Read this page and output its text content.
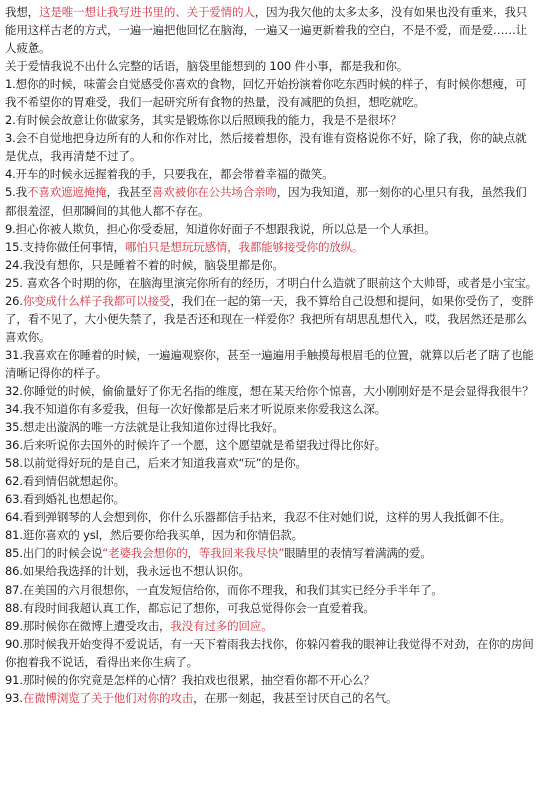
我想，这是唯一想让我写进书里的、关于爱情的人，因为我欠他的太多太多，没有如果也没有重来，我只
能用这样古老的方式，一遍一遍把他回忆在脑海，一遍又一遍更新着我的空白，不是不爱，而是爱……让
人疲惫。
关于爱情我说不出什么完整的话语，脑袋里能想到的 100 件小事，都是我和你。
1.想你的时候，味蕾会自觉感受你喜欢的食物，回忆开始扮演着你吃东西时候的样子，有时候你想瘦，可
我不希望你的胃难受，我们一起研究所有食物的热量，没有减肥的负担，想吃就吃。
2.有时候会故意让你做家务，其实是锻炼你以后照顾我的能力，我是不是很坏？
3.会不自觉地把身边所有的人和你作对比，然后接着想你，没有谁有资格说你不好，除了我，你的缺点就
是优点，我再清楚不过了。
4.开车的时候永远握着我的手，只要我在，都会带着幸福的微笑。
5.我不喜欢遮遮掩掩，我甚至喜欢被你在公共场合亲吻，因为我知道，那一刻你的心里只有我，虽然我们
都很羞涩，但那瞬间的其他人都不存在。
9.担心你被人欺负，担心你受委屈，知道你好面子不想跟我说，所以总是一个人承担。
15.支持你做任何事情，哪怕只是想玩玩感情，我都能够接受你的放纵。
24.我没有想你，只是睡着不着的时候，脑袋里都是你。
25. 喜欢各个时期的你，在脑海里演完你所有的经历，才明白什么造就了眼前这个大帅哥，或者是小宝宝。
26.你变成什么样子我都可以接受，我们在一起的第一天，我不算给自己设想和提问，如果你受伤了，变胖
了，看不见了，大小便失禁了，我是否还和现在一样爱你？我把所有胡思乱想代入，哎，我居然还是那么
喜欢你。
31.我喜欢在你睡着的时候，一遍遍观察你，甚至一遍遍用手触摸每根眉毛的位置，就算以后老了瞎了也能
清晰记得你的样子。
32.你睡觉的时候，偷偷量好了你无名指的维度，想在某天给你个惊喜，大小刚刚好是不是会显得我很牛？
34.我不知道你有多爱我，但每一次好像都是后来才听说原来你爱我这么深。
35.想走出漩涡的唯一方法就是让我知道你过得比我好。
36.后来听说你去国外的时候许了一个愿，这个愿望就是希望我过得比你好。
58.以前觉得好玩的是自己，后来才知道我喜欢“玩”的是你。
62.看到情侣就想起你。
63.看到婚礼也想起你。
64.看到弹钢琴的人会想到你，你什么乐器都信手拈来，我忍不住对她们说，这样的男人我抵御不住。
81.逛你喜欢的 ysl，然后要你给我买单，因为和你情侣款。
85.出门的时候会说“老婆我会想你的，等我回来我尽快”眼睛里的表情写着满满的爱。
86.如果给我选择的计划，我永远也不想认识你。
87.在美国的六月很想你，一直发短信给你，而你不理我，和我们其实已经分手半年了。
88.有段时间我超认真工作，都忘记了想你，可我总觉得你会一直爱着我。
89.那时候你在微博上遭受攻击，我没有过多的回应。
90.那时候我开始变得不爱说话，有一天下着雨我去找你，你躲闪着我的眼神让我觉得不对劲，在你的房间
你抱着我不说话，看得出来你生病了。
91.那时候的你究竟是怎样的心情？我拍戏也很累，抽空看你都不开心么？
93.在微博浏览了关于他们对你的攻击，在那一刻起，我甚至讨厌自己的名气。
